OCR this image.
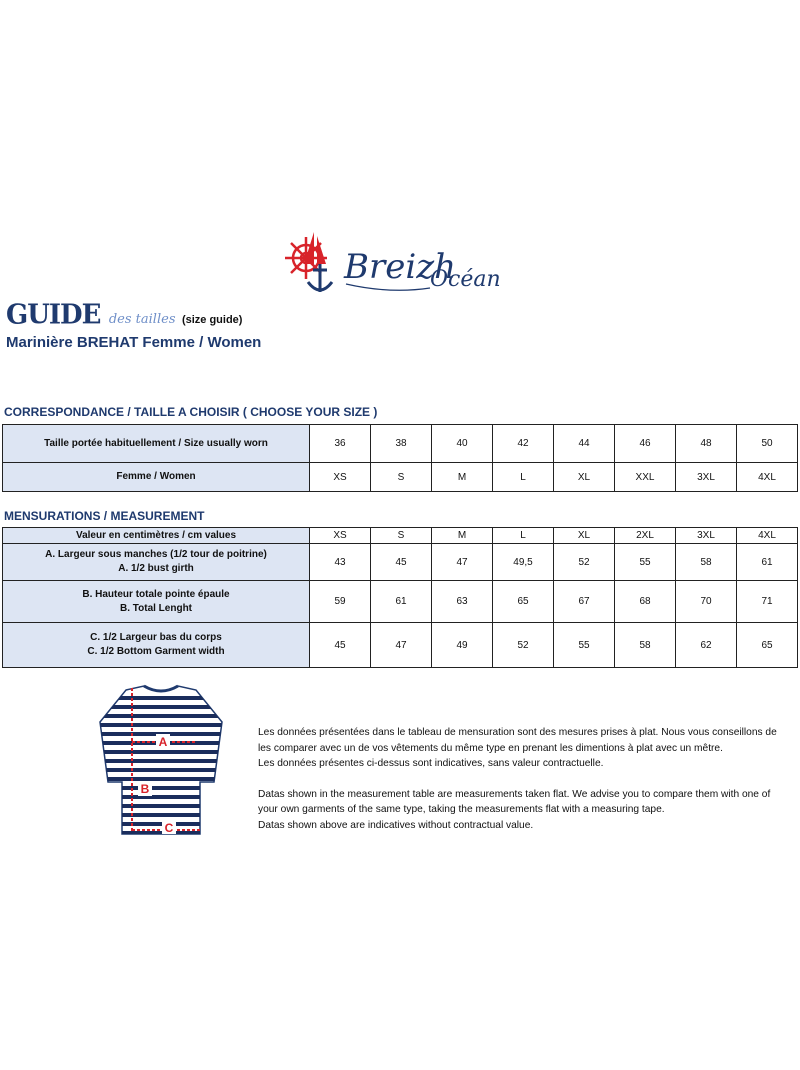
Breizh
Océan
GUIDE des tailles (size guide)
Marinière BREHAT Femme / Women
CORRESPONDANCE / TAILLE A CHOISIR ( CHOOSE YOUR SIZE )
Taille portée habituellement / Size usually worn	36	38	40	42	44	46	48	50
Femme / Women	XS	S	M	L	XL	XXL	3XL	4XL
MENSURATIONS / MEASUREMENT
Valeur en centimètres / cm values	XS	S	M	L	XL	2XL	3XL	4XL

A. Largeur sous manches (1/2 tour de poitrine)
A. 1/2 bust girth	43	45	47	49,5	52	55	58	61

B. Hauteur totale pointe épaule
B. Total Lenght	59	61	63	65	67	68	70	71

C. 1/2 Largeur bas du corps
C. 1/2 Bottom Garment width	45	47	49	52	55	58	62	65
A
B
C

Les données présentées dans le tableau de mensuration sont des mesures prises à plat. Nous vous conseillons de les comparer avec un de vos vêtements du même type en prenant les dimentions à plat avec un mêtre.

Les données présentes ci-dessus sont indicatives, sans valeur contractuelle.

Datas shown in the measurement table are measurements taken flat. We advise you to compare them with one of your own garments of the same type, taking the measurements flat with a measuring tape.

Datas shown above are indicatives without contractual value.
